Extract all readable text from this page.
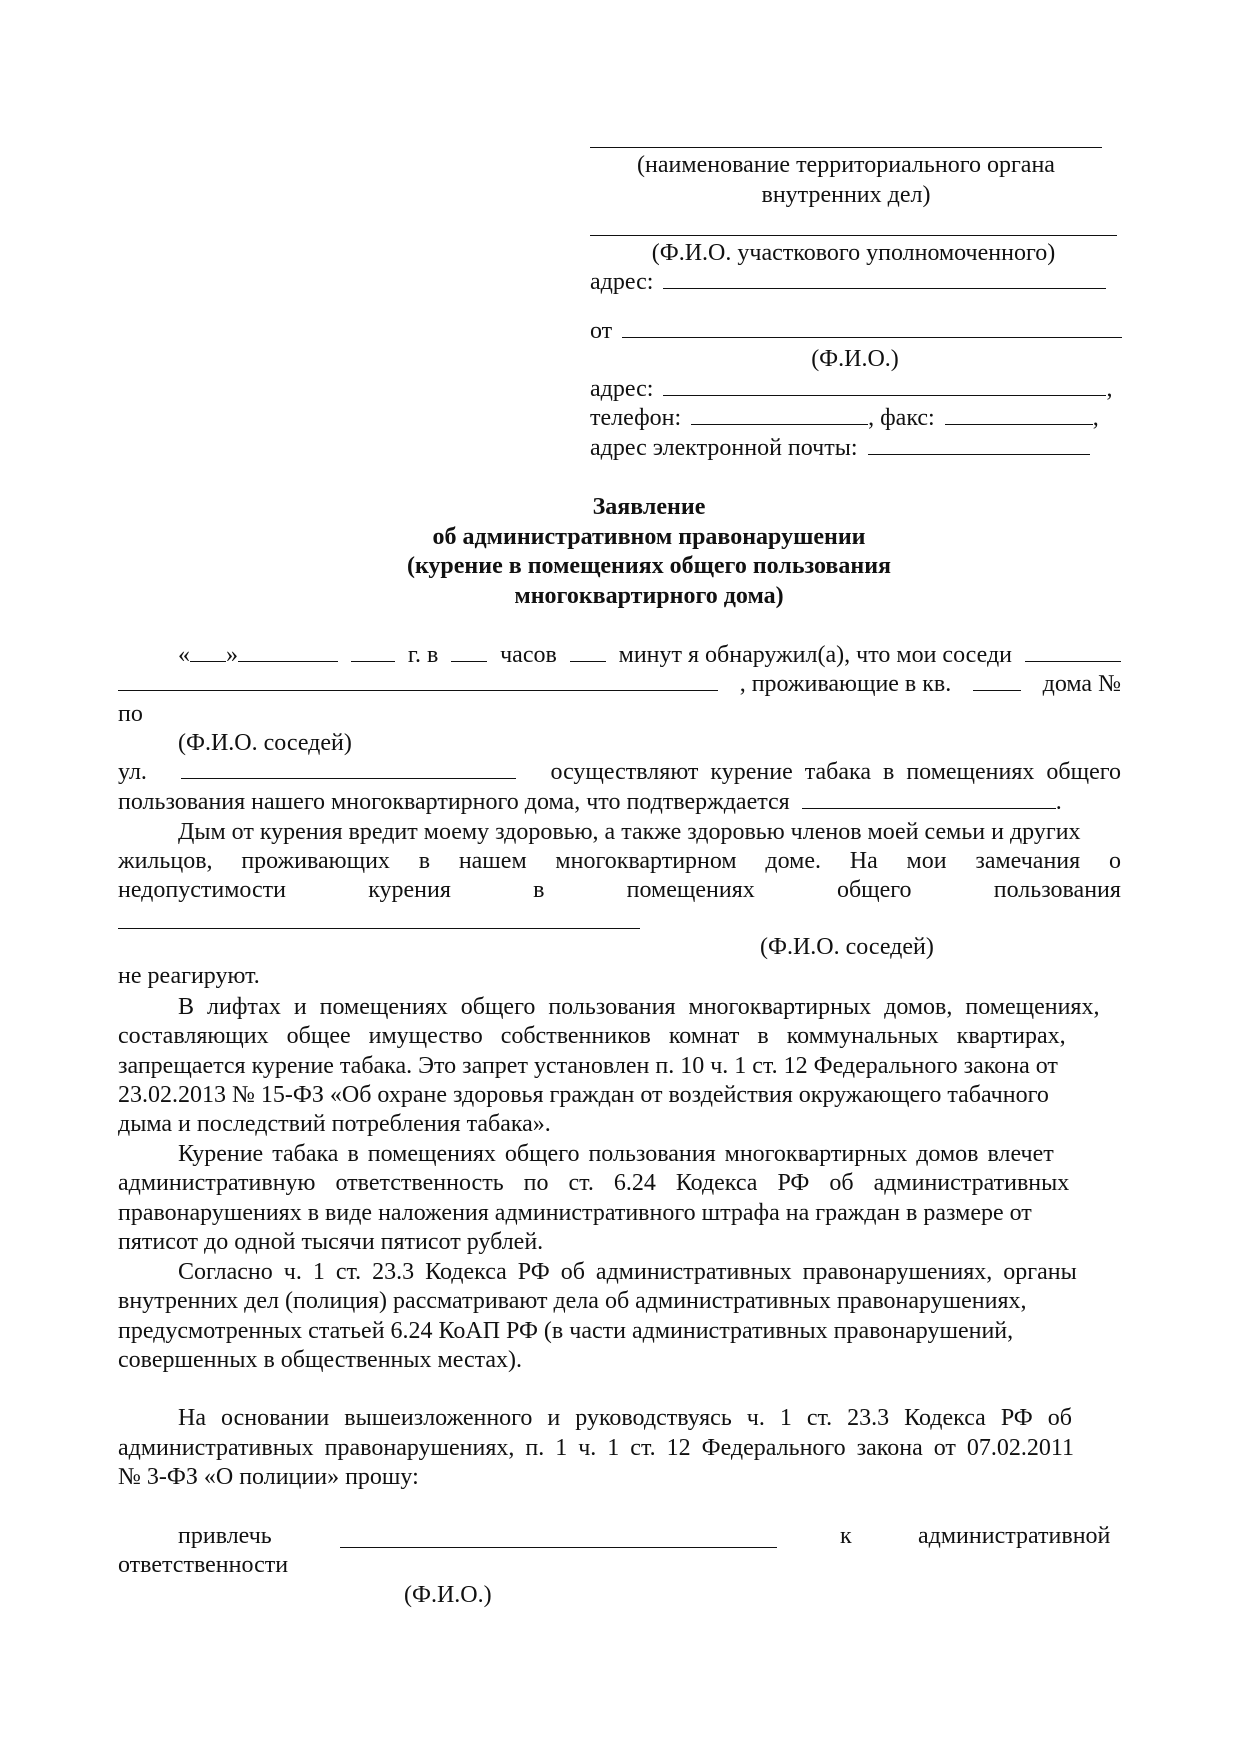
(наименование территориального органа
внутренних дел)
(Ф.И.О. участкового уполномоченного)
адрес:
от
(Ф.И.О.)
адрес:	,
телефон:	, факс:	,
адрес электронной почты:
Заявление
об административном правонарушении
(курение в помещениях общего пользования
многоквартирного дома)
« »	г. в	часов	минут я обнаружил(а), что мои соседи
, проживающие в кв.	дома №
по
(Ф.И.О. соседей)
ул.	осуществляют курение табака в помещениях общего
пользования нашего многоквартирного дома, что подтверждается	.
Дым от курения вредит моему здоровью, а также здоровью членов моей семьи и других
жильцов, проживающих в нашем многоквартирном доме. На мои замечания о
недопустимости	курения	в	помещениях	общего	пользования
(Ф.И.О. соседей)
не реагируют.
В лифтах и помещениях общего пользования многоквартирных домов, помещениях,
составляющих общее имущество собственников комнат в коммунальных квартирах,
запрещается курение табака. Это запрет установлен п. 10 ч. 1 ст. 12 Федерального закона от
23.02.2013 № 15-ФЗ «Об охране здоровья граждан от воздействия окружающего табачного
дыма и последствий потребления табака».
Курение табака в помещениях общего пользования многоквартирных домов влечет
административную ответственность по ст. 6.24 Кодекса РФ об административных
правонарушениях в виде наложения административного штрафа на граждан в размере от
пятисот до одной тысячи пятисот рублей.
Согласно ч. 1 ст. 23.3 Кодекса РФ об административных правонарушениях, органы
внутренних дел (полиция) рассматривают дела об административных правонарушениях,
предусмотренных статьей 6.24 КоАП РФ (в части административных правонарушений,
совершенных в общественных местах).
На основании вышеизложенного и руководствуясь ч. 1 ст. 23.3 Кодекса РФ об
административных правонарушениях, п. 1 ч. 1 ст. 12 Федерального закона от 07.02.2011
№ 3-ФЗ «О полиции» прошу:
привлечь	к	административной
ответственности
(Ф.И.О.)
